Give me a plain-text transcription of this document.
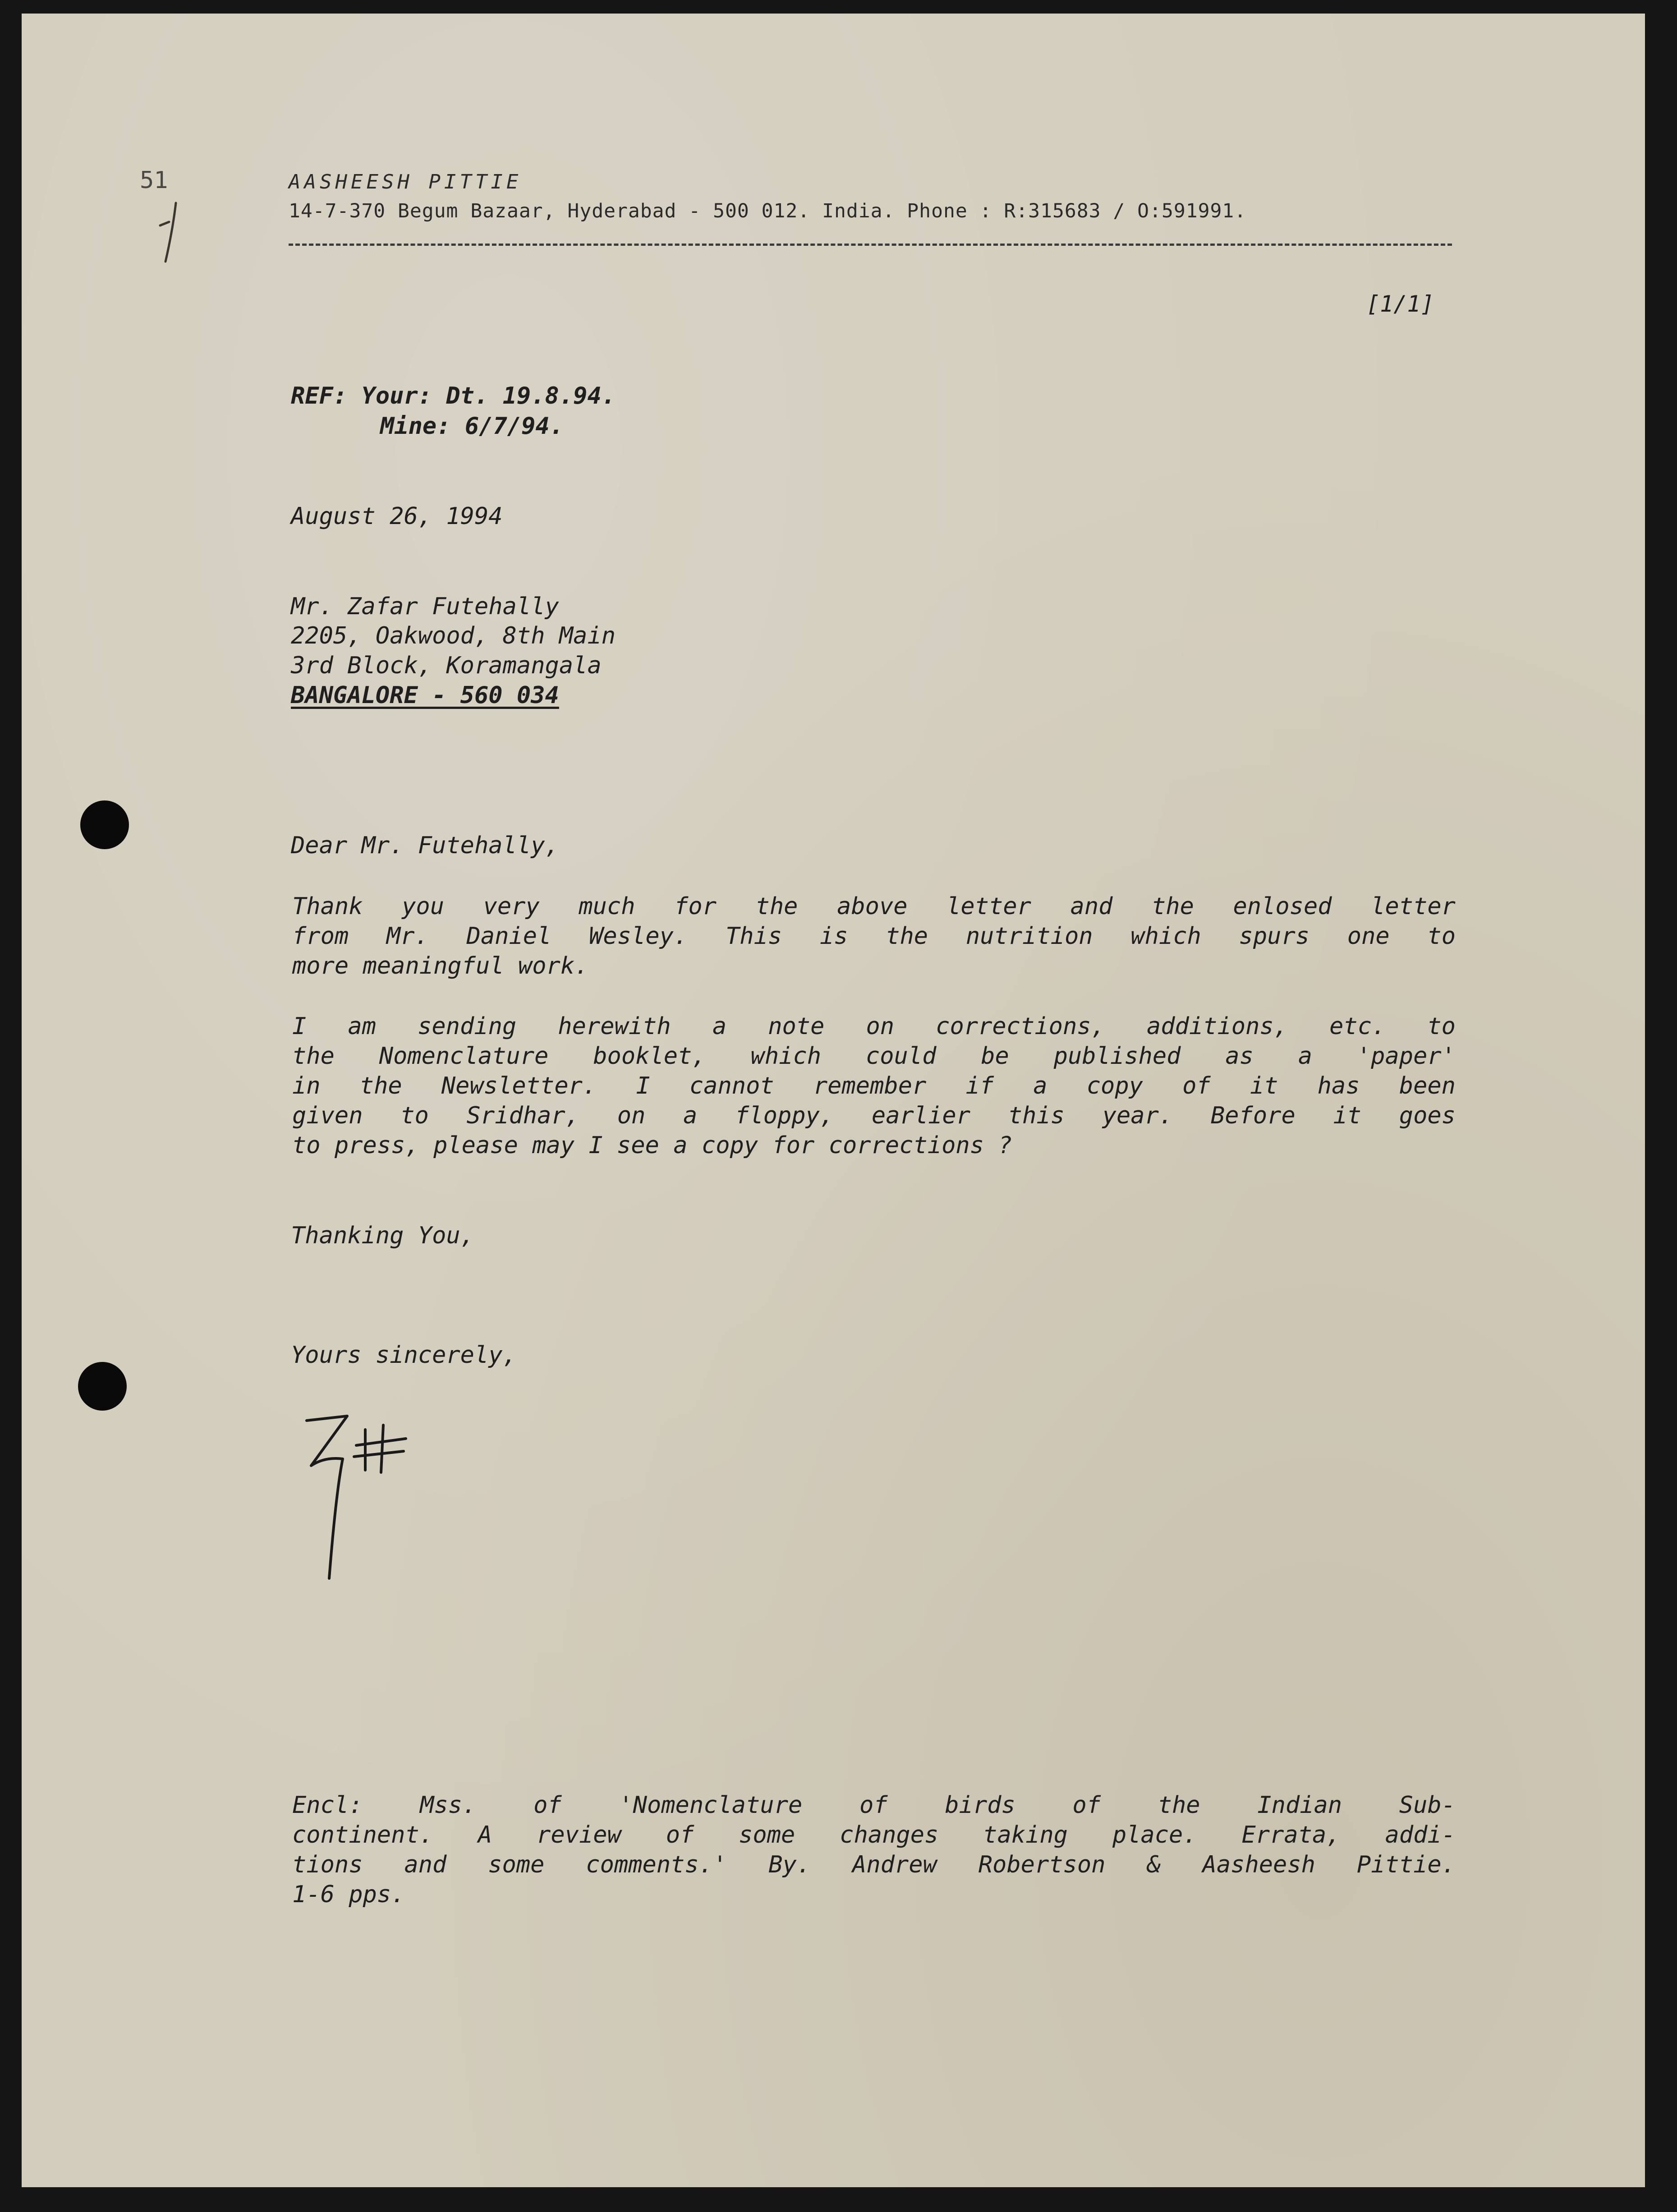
51	AASHEESH PITTIE
14-7-370 Begum Bazaar, Hyderabad - 500 012. India. Phone : R:315683 / O:591991.
[1/1]
REF: Your: Dt. 19.8.94.
Mine: 6/7/94.
August 26, 1994
Mr. Zafar Futehally
2205, Oakwood, 8th Main
3rd Block, Koramangala
BANGALORE - 560 034
Dear Mr. Futehally,
Thank you very much for the above letter and the enlosed letter
from Mr. Daniel Wesley. This is the nutrition which spurs one to
more meaningful work.
I am sending herewith a note on corrections, additions, etc. to
the Nomenclature booklet, which could be published as a 'paper'
in the Newsletter. I cannot remember if a copy of it has been
given to Sridhar, on a floppy, earlier this year. Before it goes
to press, please may I see a copy for corrections ?
Thanking You,
Yours sincerely,
Encl: Mss. of 'Nomenclature of birds of the Indian Sub-
continent. A review of some changes taking place. Errata, addi-
tions and some comments.' By. Andrew Robertson & Aasheesh Pittie.
1-6 pps.
